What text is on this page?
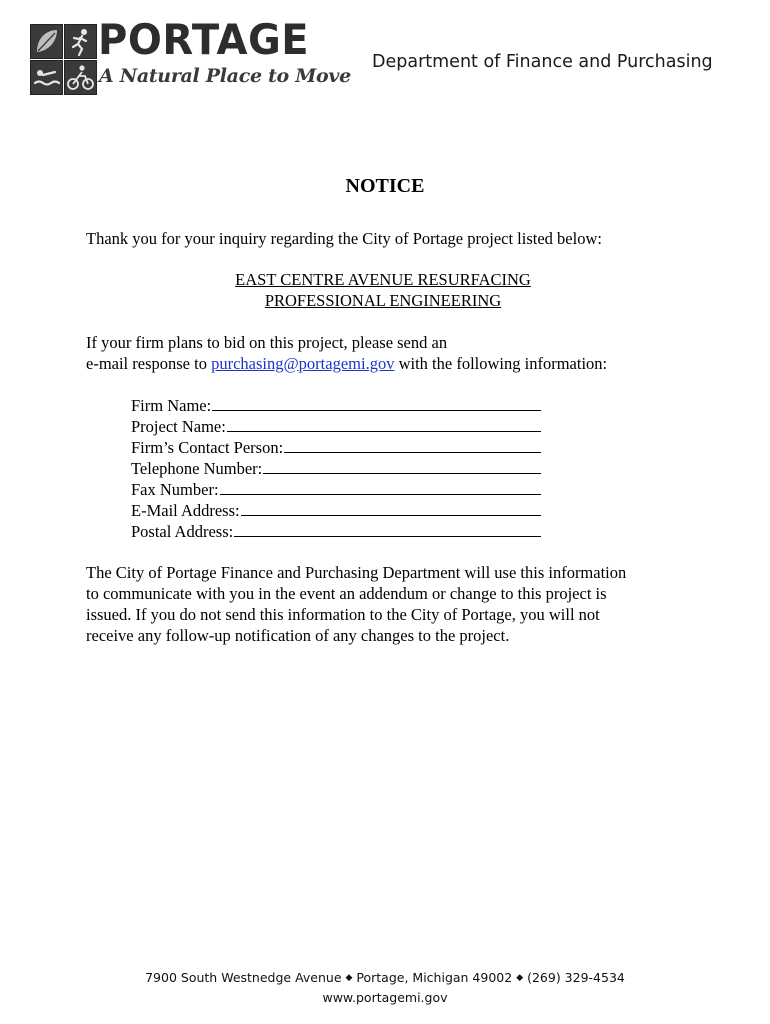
PORTAGE
A Natural Place to Move
Department of Finance and Purchasing
NOTICE
Thank you for your inquiry regarding the City of Portage project listed below:
EAST CENTRE AVENUE RESURFACING
PROFESSIONAL ENGINEERING
If your firm plans to bid on this project, please send an
e-mail response to purchasing@portagemi.gov with the following information:
Firm Name:
Project Name:
Firm’s Contact Person:
Telephone Number:
Fax Number:
E-Mail Address:
Postal Address:
The City of Portage Finance and Purchasing Department will use this information
to communicate with you in the event an addendum or change to this project is
issued. If you do not send this information to the City of Portage, you will not
receive any follow-up notification of any changes to the project.
7900 South Westnedge Avenue ◆ Portage, Michigan 49002 ◆ (269) 329-4534
www.portagemi.gov
